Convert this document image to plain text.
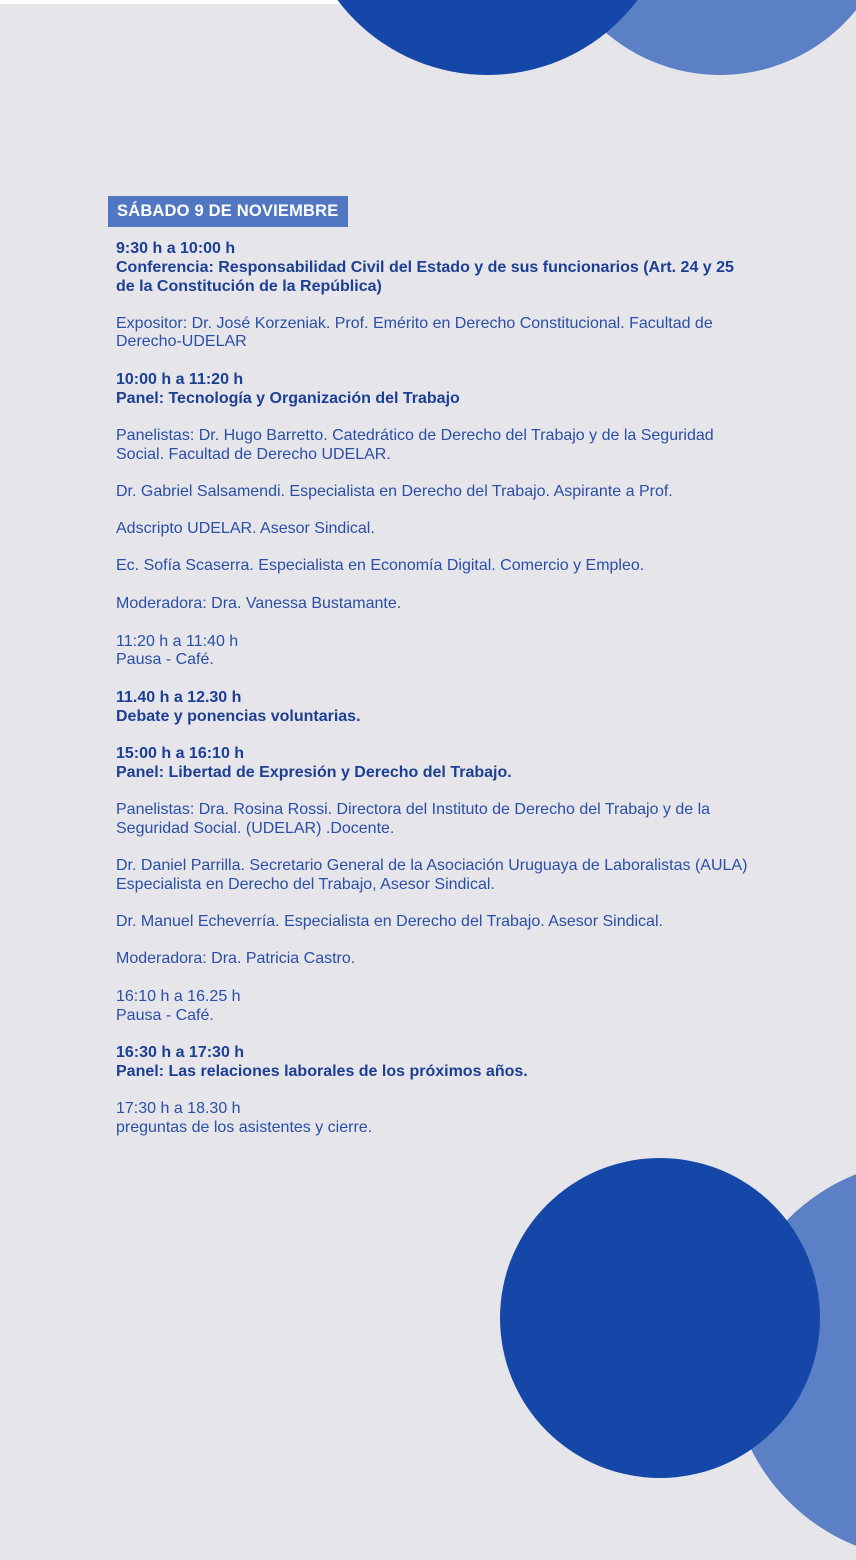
SÁBADO 9 DE NOVIEMBRE
9:30 h a 10:00 h
Conferencia: Responsabilidad Civil del Estado y de sus funcionarios (Art. 24 y 25
de la Constitución de la República)
Expositor: Dr. José Korzeniak. Prof. Emérito en Derecho Constitucional. Facultad de
Derecho-UDELAR
10:00 h a 11:20 h
Panel: Tecnología y Organización del Trabajo
Panelistas: Dr. Hugo Barretto. Catedrático de Derecho del Trabajo y de la Seguridad
Social. Facultad de Derecho UDELAR.
Dr. Gabriel Salsamendi. Especialista en Derecho del Trabajo. Aspirante a Prof.
Adscripto UDELAR. Asesor Sindical.
Ec. Sofía Scaserra. Especialista en Economía Digital. Comercio y Empleo.
Moderadora: Dra. Vanessa Bustamante.
11:20 h a 11:40 h
Pausa - Café.
11.40 h a 12.30 h
Debate y ponencias voluntarias.
15:00 h a 16:10 h
Panel: Libertad de Expresión y Derecho del Trabajo.
Panelistas: Dra. Rosina Rossi. Directora del Instituto de Derecho del Trabajo y de la
Seguridad Social. (UDELAR) .Docente.
Dr. Daniel Parrilla. Secretario General de la Asociación Uruguaya de Laboralistas (AULA)
Especialista en Derecho del Trabajo, Asesor Sindical.
Dr. Manuel Echeverría. Especialista en Derecho del Trabajo. Asesor Sindical.
Moderadora: Dra. Patricia Castro.
16:10 h a 16.25 h
Pausa - Café.
16:30 h a 17:30 h
Panel: Las relaciones laborales de los próximos años.
17:30 h a 18.30 h
preguntas de los asistentes y cierre.
